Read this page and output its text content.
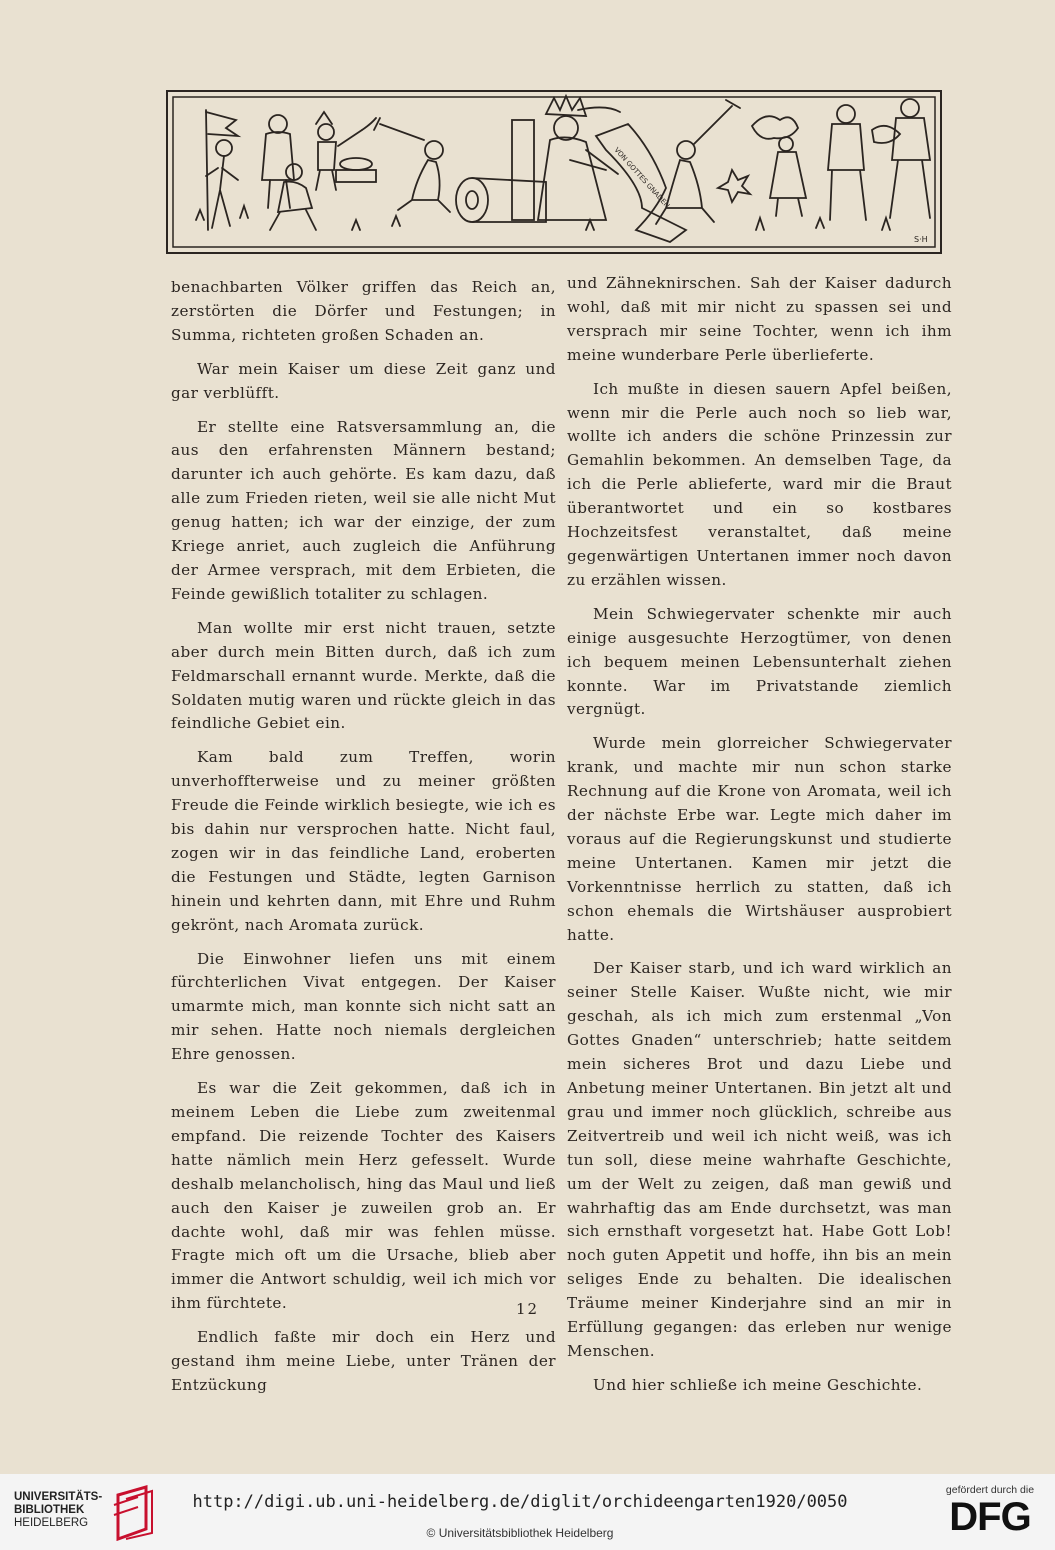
VON GOTTES GNADEN
S·H

benachbarten Völker griffen das Reich an, zerstörten die Dörfer und Festungen; in Summa, richteten großen Schaden an.

War mein Kaiser um diese Zeit ganz und gar verblüfft.

Er stellte eine Ratsversammlung an, die aus den erfahrensten Männern bestand; darunter ich auch gehörte. Es kam dazu, daß alle zum Frieden rieten, weil sie alle nicht Mut genug hatten; ich war der einzige, der zum Kriege anriet, auch zugleich die Anführung der Armee versprach, mit dem Erbieten, die Feinde gewißlich totaliter zu schlagen.

Man wollte mir erst nicht trauen, setzte aber durch mein Bitten durch, daß ich zum Feldmarschall ernannt wurde. Merkte, daß die Soldaten mutig waren und rückte gleich in das feindliche Gebiet ein.

Kam bald zum Treffen, worin unverhoffterweise und zu meiner größten Freude die Feinde wirklich besiegte, wie ich es bis dahin nur versprochen hatte. Nicht faul, zogen wir in das feindliche Land, eroberten die Festungen und Städte, legten Garnison hinein und kehrten dann, mit Ehre und Ruhm gekrönt, nach Aromata zurück.

Die Einwohner liefen uns mit einem fürchterlichen Vivat entgegen. Der Kaiser umarmte mich, man konnte sich nicht satt an mir sehen. Hatte noch niemals dergleichen Ehre genossen.

Es war die Zeit gekommen, daß ich in meinem Leben die Liebe zum zweitenmal empfand. Die reizende Tochter des Kaisers hatte nämlich mein Herz gefesselt. Wurde deshalb melancholisch, hing das Maul und ließ auch den Kaiser je zuweilen grob an. Er dachte wohl, daß mir was fehlen müsse. Fragte mich oft um die Ursache, blieb aber immer die Antwort schuldig, weil ich mich vor ihm fürchtete.

Endlich faßte mir doch ein Herz und gestand ihm meine Liebe, unter Tränen der Entzückung

und Zähneknirschen. Sah der Kaiser dadurch wohl, daß mit mir nicht zu spassen sei und versprach mir seine Tochter, wenn ich ihm meine wunderbare Perle überlieferte.

Ich mußte in diesen sauern Apfel beißen, wenn mir die Perle auch noch so lieb war, wollte ich anders die schöne Prinzessin zur Gemahlin bekommen. An demselben Tage, da ich die Perle ablieferte, ward mir die Braut überantwortet und ein so kostbares Hochzeitsfest veranstaltet, daß meine gegenwärtigen Untertanen immer noch davon zu erzählen wissen.

Mein Schwiegervater schenkte mir auch einige ausgesuchte Herzogtümer, von denen ich bequem meinen Lebensunterhalt ziehen konnte. War im Privatstande ziemlich vergnügt.

Wurde mein glorreicher Schwiegervater krank, und machte mir nun schon starke Rechnung auf die Krone von Aromata, weil ich der nächste Erbe war. Legte mich daher im voraus auf die Regierungskunst und studierte meine Untertanen. Kamen mir jetzt die Vorkenntnisse herrlich zu statten, daß ich schon ehemals die Wirtshäuser ausprobiert hatte.

Der Kaiser starb, und ich ward wirklich an seiner Stelle Kaiser. Wußte nicht, wie mir geschah, als ich mich zum erstenmal „Von Gottes Gnaden“ unterschrieb; hatte seitdem mein sicheres Brot und dazu Liebe und Anbetung meiner Untertanen. Bin jetzt alt und grau und immer noch glücklich, schreibe aus Zeitvertreib und weil ich nicht weiß, was ich tun soll, diese meine wahrhafte Geschichte, um der Welt zu zeigen, daß man gewiß und wahrhaftig das am Ende durchsetzt, was man sich ernsthaft vorgesetzt hat. Habe Gott Lob! noch guten Appetit und hoffe, ihn bis an mein seliges Ende zu behalten. Die idealischen Träume meiner Kinderjahre sind an mir in Erfüllung gegangen: das erleben nur wenige Menschen.

Und hier schließe ich meine Geschichte.

12
UNIVERSITÄTS-
BIBLIOTHEK
HEIDELBERG
http://digi.ub.uni-heidelberg.de/diglit/orchideengarten1920/0050
© Universitätsbibliothek Heidelberg
gefördert durch die
DFG
